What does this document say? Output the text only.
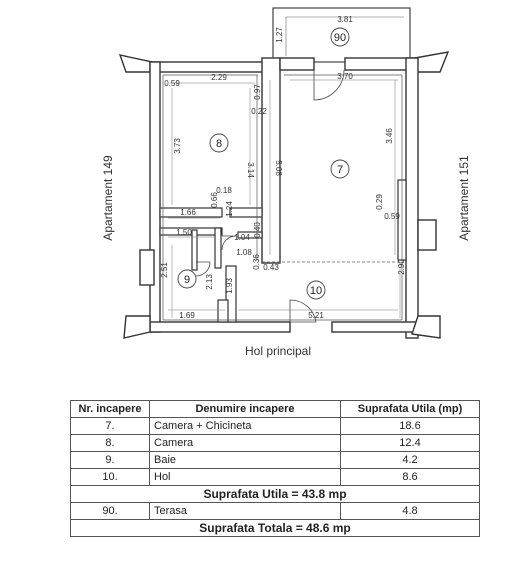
90
8
7
9
10
3.81
1.27
2.29
0.59
3.70
0.97
0.22
3.73
3.14 5.08
3.46
0.18
0.66
1.24
1.66
0.29
0.59
1.50
1.04 0.40
1.08
2.51
0.36 0.43	2.90
2.13 1.93
1.69	5.21
Apartament 149	Apartament 151
Hol principal
Nr. incapere	Denumire incapere	Suprafata Utila (mp)
7.	Camera + Chicineta	18.6
8.	Camera	12.4
9.	Baie	4.2
10.	Hol	8.6
Suprafata Utila = 43.8 mp		
90.	Terasa	4.8
Suprafata Totala = 48.6 mp		
